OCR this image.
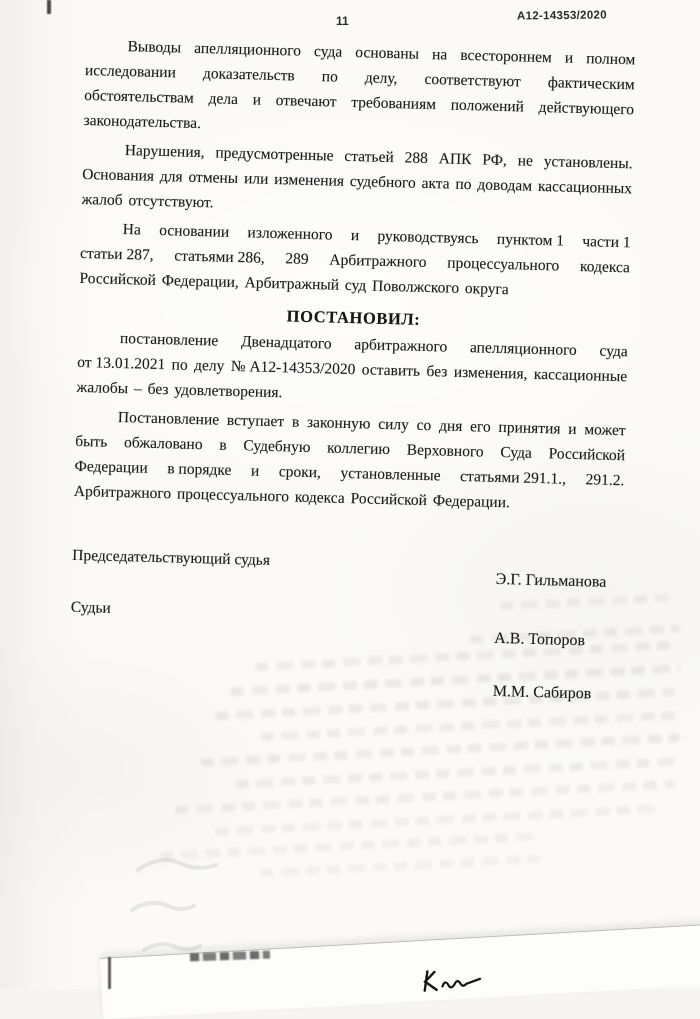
11	А12-14353/2020
Выводы апелляционного суда основаны на всестороннем и полном
исследовании доказательств по делу, соответствуют фактическим
обстоятельствам дела и отвечают требованиям положений действующего
законодательства.
Нарушения, предусмотренные статьей 288 АПК РФ, не установлены.
Основания для отмены или изменения судебного акта по доводам кассационных
жалоб отсутствуют.
На основании изложенного и руководствуясь пунктом 1 части 1
статьи 287, статьями 286, 289 Арбитражного процессуального кодекса
Российской Федерации, Арбитражный суд Поволжского округа
ПОСТАНОВИЛ:
постановление Двенадцатого арбитражного апелляционного суда
от 13.01.2021 по делу № А12-14353/2020 оставить без изменения, кассационные
жалобы – без удовлетворения.
Постановление вступает в законную силу со дня его принятия и может
быть обжаловано в Судебную коллегию Верховного Суда Российской
Федерации в порядке и сроки, установленные статьями 291.1., 291.2.
Арбитражного процессуального кодекса Российской Федерации.
Председательствующий судья
Э.Г. Гильманова
Судьи
А.В. Топоров
М.М. Сабиров
